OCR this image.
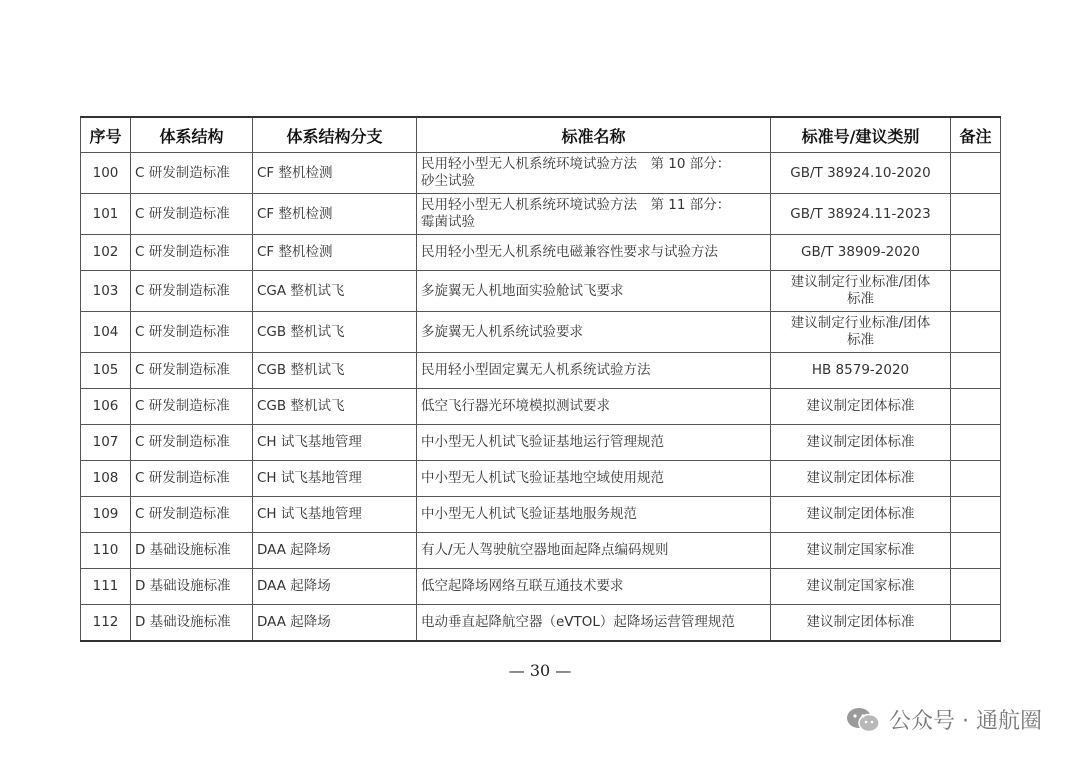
序号	体系结构	体系结构分支	标准名称	标准号/建议类别	备注
100	C 研发制造标准	CF 整机检测	民用轻小型无人机系统环境试验方法　第 10 部分：
砂尘试验	GB/T 38924.10-2020	

101	C 研发制造标准	CF 整机检测	民用轻小型无人机系统环境试验方法　第 11 部分：
霉菌试验	GB/T 38924.11-2023	

102	C 研发制造标准	CF 整机检测	民用轻小型无人机系统电磁兼容性要求与试验方法	GB/T 38909-2020	

103	C 研发制造标准	CGA 整机试飞	多旋翼无人机地面实验舱试飞要求	建议制定行业标准/团体
标准	

104	C 研发制造标准	CGB 整机试飞	多旋翼无人机系统试验要求	建议制定行业标准/团体
标准	

105	C 研发制造标准	CGB 整机试飞	民用轻小型固定翼无人机系统试验方法	HB 8579-2020	

106	C 研发制造标准	CGB 整机试飞	低空飞行器光环境模拟测试要求	建议制定团体标准	

107	C 研发制造标准	CH 试飞基地管理	中小型无人机试飞验证基地运行管理规范	建议制定团体标准	

108	C 研发制造标准	CH 试飞基地管理	中小型无人机试飞验证基地空域使用规范	建议制定团体标准	

109	C 研发制造标准	CH 试飞基地管理	中小型无人机试飞验证基地服务规范	建议制定团体标准	

110	D 基础设施标准	DAA 起降场	有人/无人驾驶航空器地面起降点编码规则	建议制定国家标准	

111	D 基础设施标准	DAA 起降场	低空起降场网络互联互通技术要求	建议制定国家标准	

112	D 基础设施标准	DAA 起降场	电动垂直起降航空器（eVTOL）起降场运营管理规范	建议制定团体标准	

— 30 —
公众号 · 通航圈
